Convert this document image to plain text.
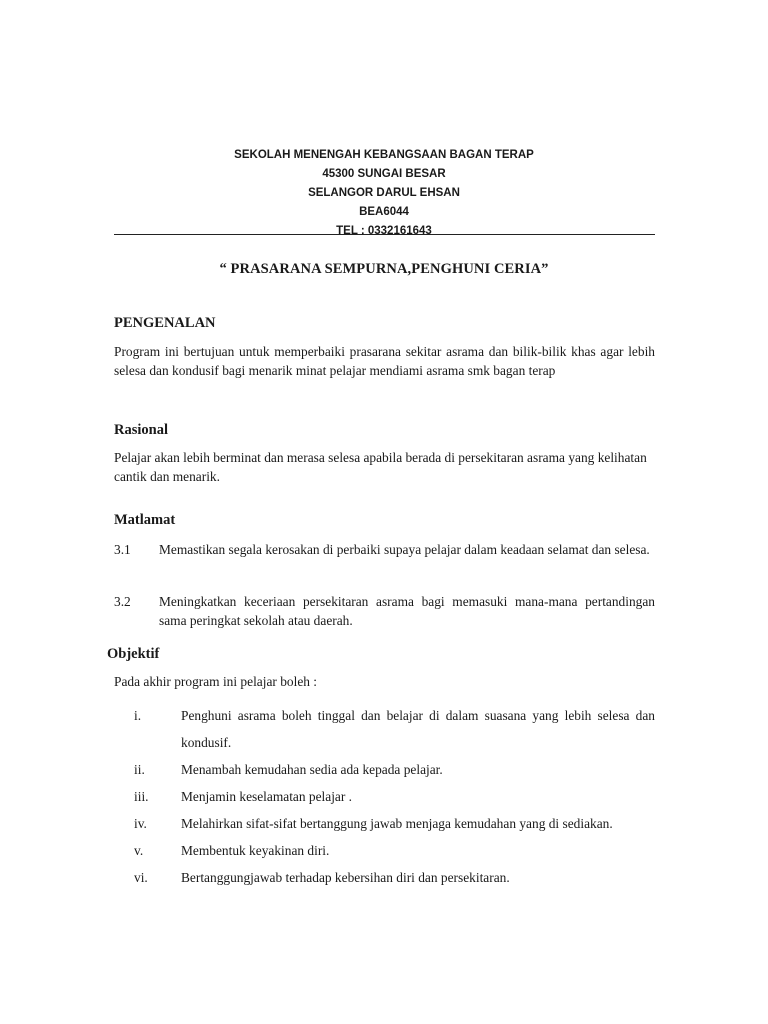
SEKOLAH MENENGAH KEBANGSAAN BAGAN TERAP
45300 SUNGAI BESAR
SELANGOR DARUL EHSAN
BEA6044
TEL : 0332161643
“ PRASARANA SEMPURNA,PENGHUNI CERIA”
PENGENALAN
Program ini bertujuan untuk memperbaiki prasarana sekitar asrama dan bilik-bilik khas agar lebih selesa dan kondusif bagi menarik minat pelajar mendiami asrama smk bagan terap
Rasional
Pelajar akan lebih berminat dan merasa selesa apabila berada di persekitaran asrama yang kelihatan cantik dan menarik.
Matlamat
3.1 Memastikan segala kerosakan di perbaiki supaya pelajar dalam keadaan selamat dan selesa.
3.2 Meningkatkan keceriaan persekitaran asrama bagi memasuki mana-mana pertandingan sama peringkat sekolah atau daerah.
Objektif
Pada akhir program ini pelajar boleh :
i.	Penghuni asrama boleh tinggal dan belajar di dalam suasana yang lebih selesa dan kondusif.
ii.	Menambah kemudahan sedia ada kepada pelajar.
iii. Menjamin keselamatan pelajar .
iv.	Melahirkan sifat-sifat bertanggung jawab menjaga kemudahan yang di sediakan.
v.	Membentuk keyakinan diri.
vi. Bertanggungjawab terhadap kebersihan diri dan persekitaran.
